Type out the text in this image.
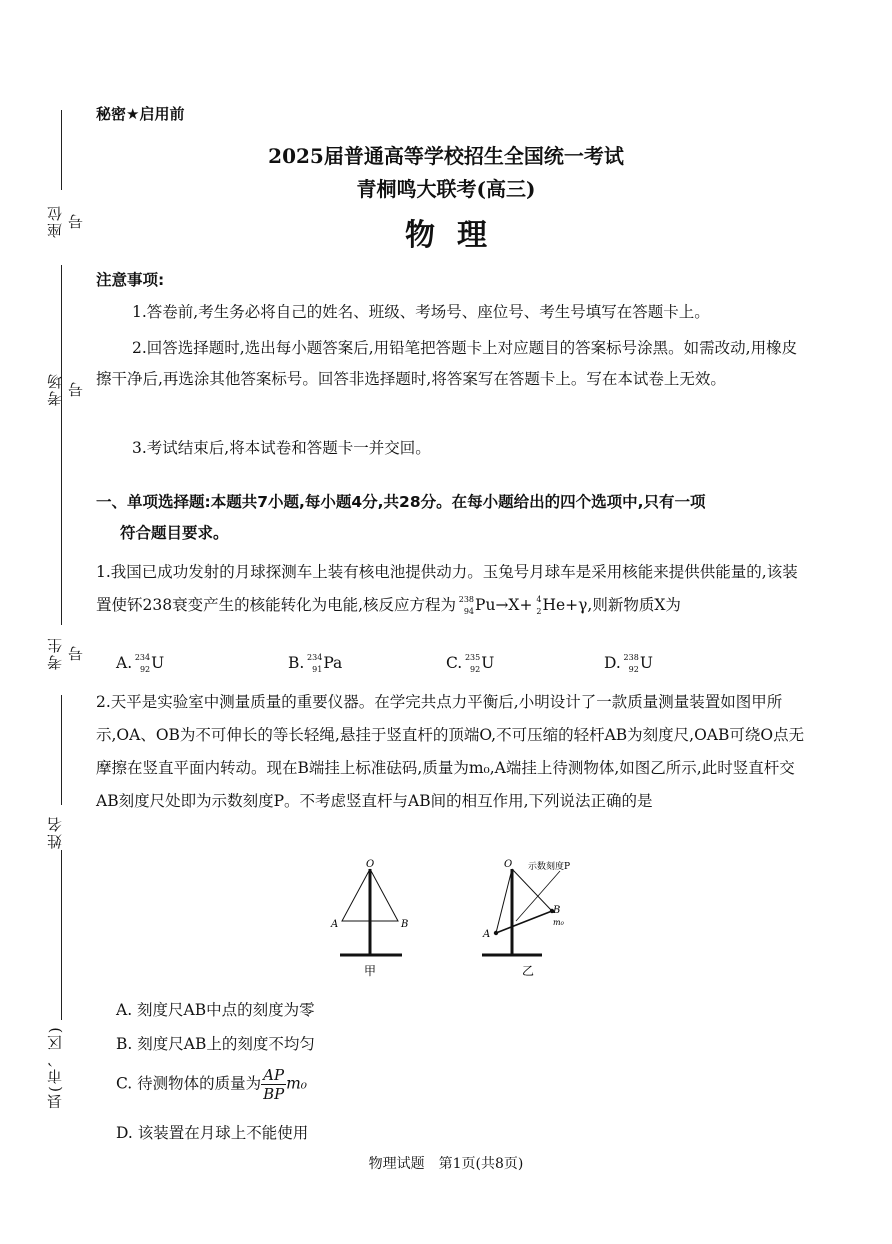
座位号
考场号
考生号
姓名
县(市、区)
秘密★启用前
2025届普通高等学校招生全国统一考试
青桐鸣大联考(高三)
物理
注意事项:
1.答卷前,考生务必将自己的姓名、班级、考场号、座位号、考生号填写在答题卡上。
2.回答选择题时,选出每小题答案后,用铅笔把答题卡上对应题目的答案标号涂黑。如需改动,用橡皮擦干净后,再选涂其他答案标号。回答非选择题时,将答案写在答题卡上。写在本试卷上无效。
3.考试结束后,将本试卷和答题卡一并交回。
一、单项选择题:本题共7小题,每小题4分,共28分。在每小题给出的四个选项中,只有一项
符合题目要求。
1.我国已成功发射的月球探测车上装有核电池提供动力。玉兔号月球车是采用核能来提供供能量的,该装置使钚238衰变产生的核能转化为电能,核反应方程为 238
94 Pu→X+ 4
2 He+γ,则新物质X为
A. 234
92 U	B. 234
91 Pa	C. 235
92 U	D. 238
92 U
2.天平是实验室中测量质量的重要仪器。在学完共点力平衡后,小明设计了一款质量测量装置如图甲所示,OA、OB为不可伸长的等长轻绳,悬挂于竖直杆的顶端O,不可压缩的轻杆AB为刻度尺,OAB可绕O点无摩擦在竖直平面内转动。现在B端挂上标准砝码,质量为m₀,A端挂上待测物体,如图乙所示,此时竖直杆交AB刻度尺处即为示数刻度P。不考虑竖直杆与AB间的相互作用,下列说法正确的是
O
A	B
甲
O
A
B
m₀
示数刻度P
乙
A. 刻度尺AB中点的刻度为零
B. 刻度尺AB上的刻度不均匀
C. 待测物体的质量为 $\frac{AP}{BP} m_0$
D. 该装置在月球上不能使用
物理试题　第1页(共8页)
